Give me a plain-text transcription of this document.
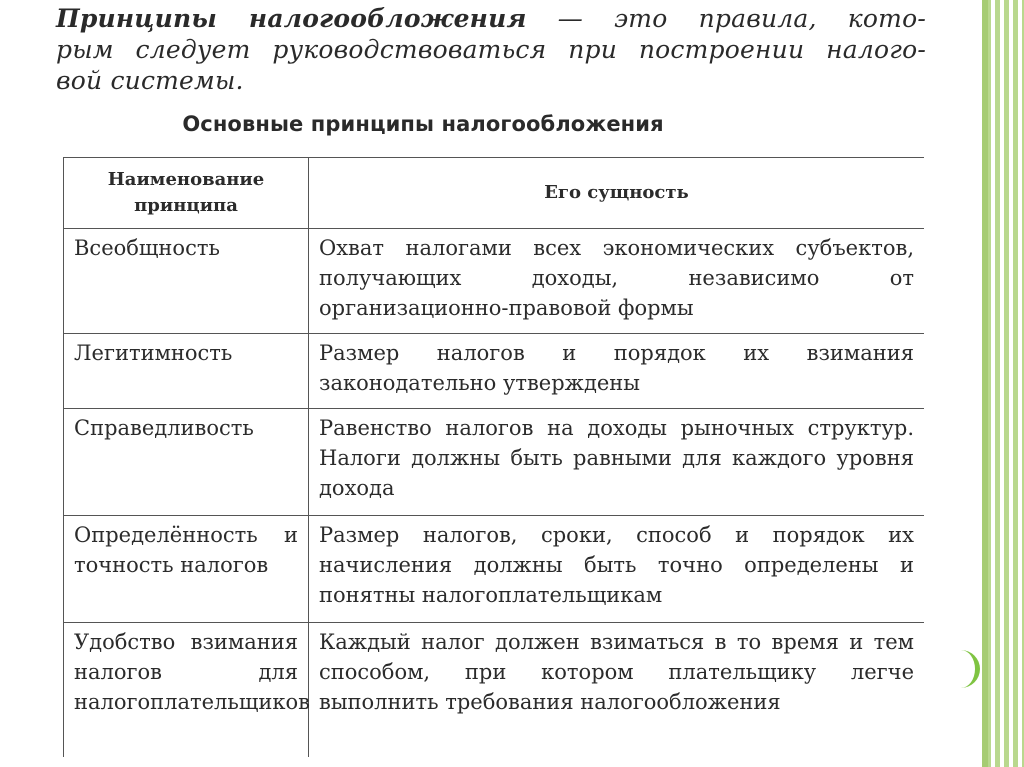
Принципы налогообложения — это правила, кото-
рым следует руководствоваться при построении налого-
вой системы.
Основные принципы налогообложения
Наименование принципа	Его сущность
Всеобщность	Охват налогами всех экономических субъектов, получающих доходы, независимо от организационно-правовой формы
Легитимность	Размер налогов и порядок их взимания законодательно утверждены
Справедливость	Равенство налогов на доходы рыночных структур. Налоги должны быть равными для каждого уровня дохода
Определённость и точность налогов	Размер налогов, сроки, способ и порядок их начисления должны быть точно определены и понятны налогоплательщикам
Удобство взимания налогов для налогоплательщиков	Каждый налог должен взиматься в то время и тем способом, при котором плательщику легче выполнить требования налогообложения
